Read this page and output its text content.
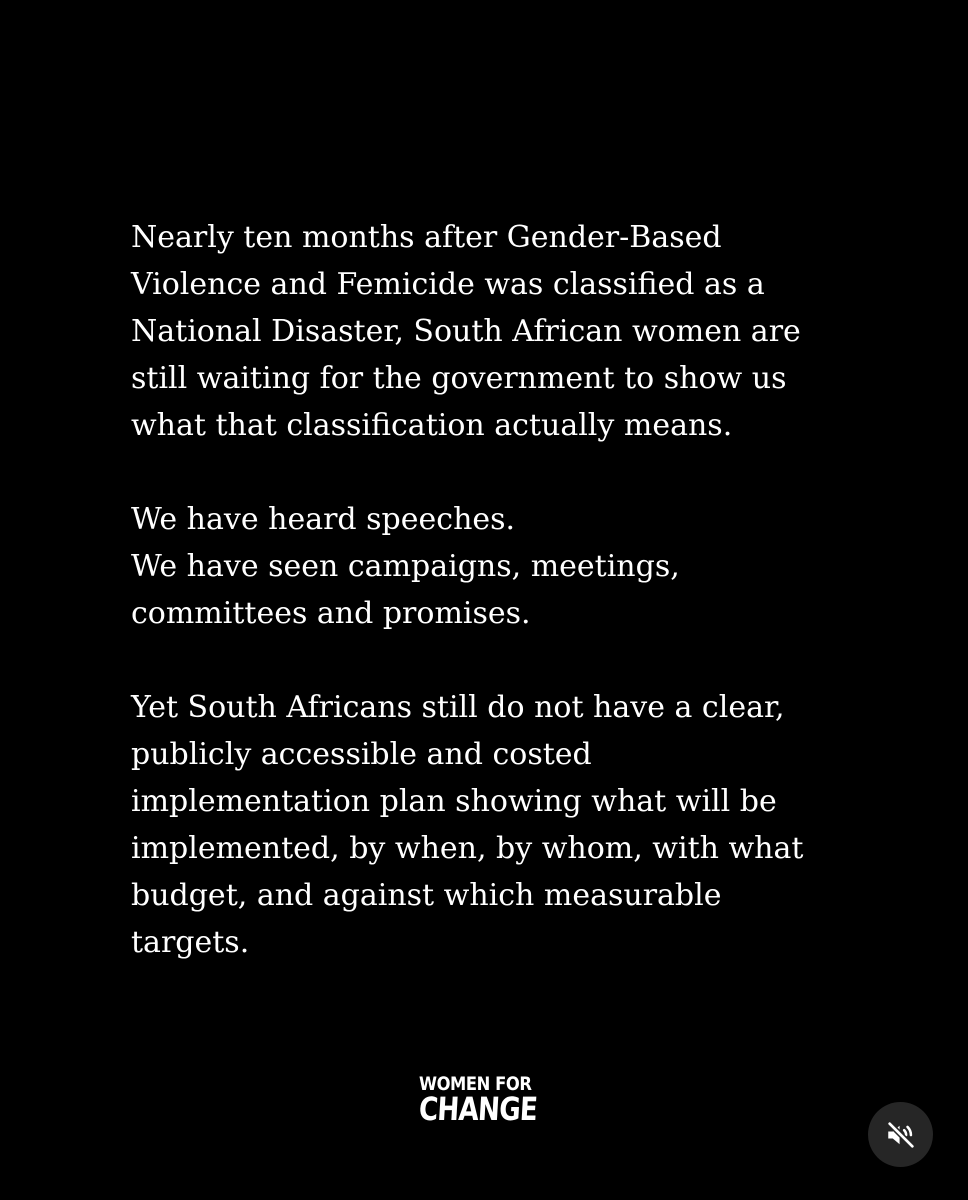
Nearly ten months after Gender-Based
Violence and Femicide was classified as a
National Disaster, South African women are
still waiting for the government to show us
what that classification actually means.

We have heard speeches.
We have seen campaigns, meetings,
committees and promises.

Yet South Africans still do not have a clear,
publicly accessible and costed
implementation plan showing what will be
implemented, by when, by whom, with what
budget, and against which measurable
targets.

WOMEN FOR
CHANGE
